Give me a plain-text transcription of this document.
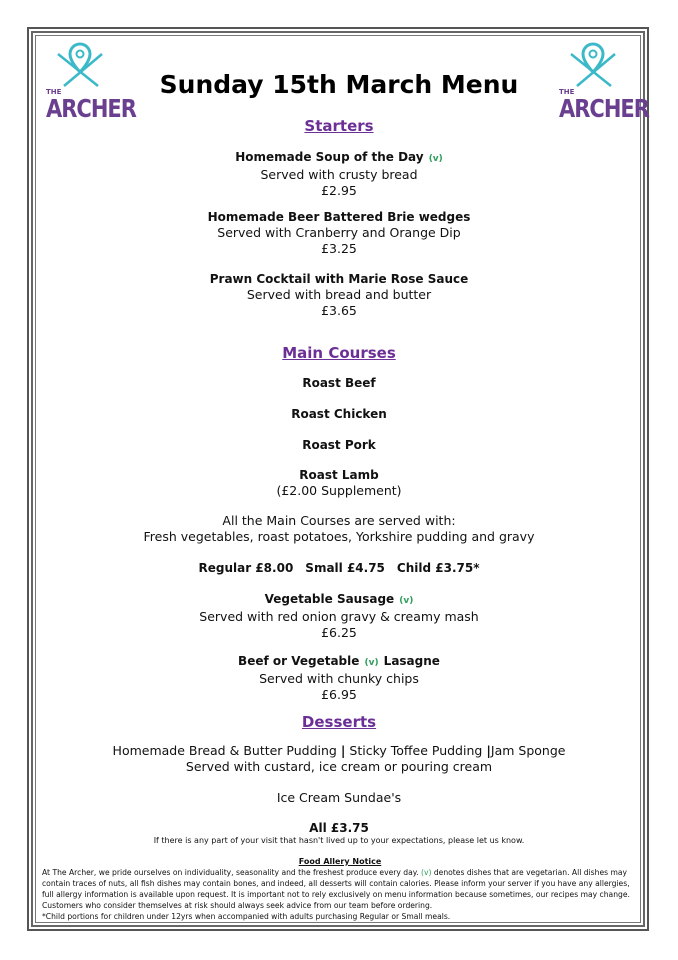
THE
ARCHER
THE
ARCHER
Sunday 15th March Menu
Starters
Homemade Soup of the Day (v)
Served with crusty bread
£2.95
Homemade Beer Battered Brie wedges
Served with Cranberry and Orange Dip
£3.25
Prawn Cocktail with Marie Rose Sauce
Served with bread and butter
£3.65
Main Courses
Roast Beef
Roast Chicken
Roast Pork
Roast Lamb
(£2.00 Supplement)
All the Main Courses are served with:
Fresh vegetables, roast potatoes, Yorkshire pudding and gravy
Regular £8.00 Small £4.75 Child £3.75*
Vegetable Sausage (v)
Served with red onion gravy & creamy mash
£6.25
Beef or Vegetable (v) Lasagne
Served with chunky chips
£6.95
Desserts
Homemade Bread & Butter Pudding | Sticky Toffee Pudding |Jam Sponge
Served with custard, ice cream or pouring cream
Ice Cream Sundae's
All £3.75
If there is any part of your visit that hasn't lived up to your expectations, please let us know.
Food Allery Notice
At The Archer, we pride ourselves on individuality, seasonality and the freshest produce every day. (v) denotes dishes that are vegetarian. All dishes may contain traces of nuts, all fish dishes may contain bones, and indeed, all desserts will contain calories. Please inform your server if you have any allergies, full allergy information is available upon request. It is important not to rely exclusively on menu information because sometimes, our recipes may change. Customers who consider themselves at risk should always seek advice from our team before ordering.
*Child portions for children under 12yrs when accompanied with adults purchasing Regular or Small meals.
